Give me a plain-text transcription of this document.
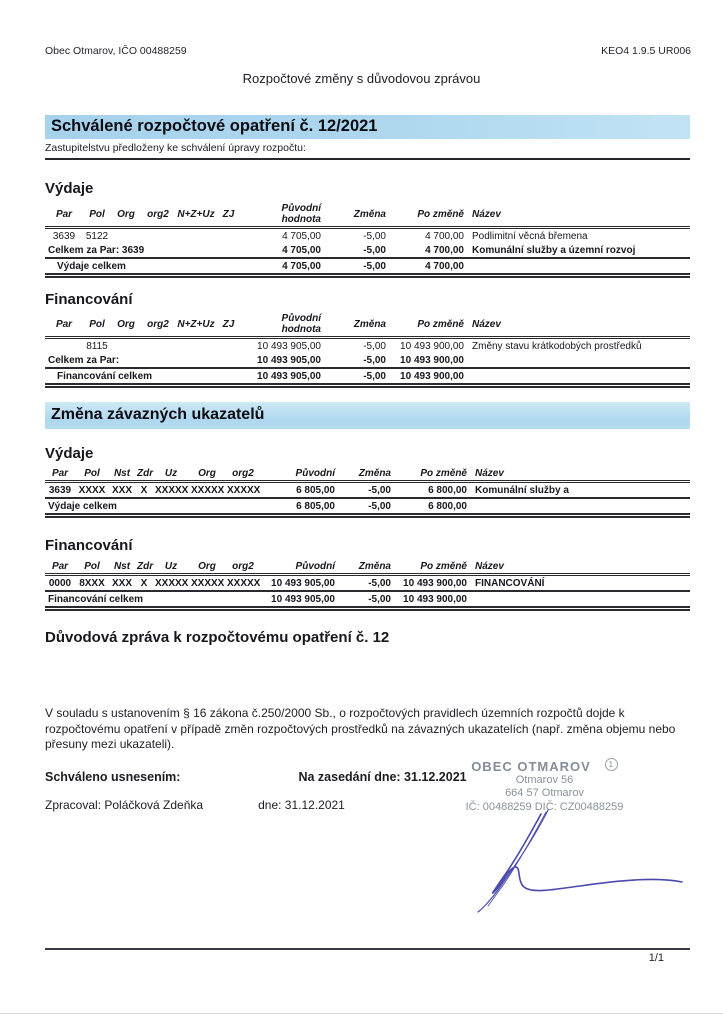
Obec Otmarov, IČO 00488259	KEO4 1.9.5 UR006
Rozpočtové změny s důvodovou zprávou
Schválené rozpočtové opatření č. 12/2021
Zastupitelstvu předloženy ke schválení úpravy rozpočtu:
Výdaje
Par	Pol	Org	org2	N+Z+Uz	ZJ	Původní hodnota	Změna	Po změně	Název
3639	5122					4 705,00	-5,00	4 700,00	Podlimitní věcná břemena
Celkem za Par: 3639						4 705,00	-5,00	4 700,00	Komunální služby a územní rozvoj
Výdaje celkem						4 705,00	-5,00	4 700,00	
Financování
Par	Pol	Org	org2	N+Z+Uz	ZJ	Původní hodnota	Změna	Po změně	Název
	8115					10 493 905,00	-5,00	10 493 900,00	Změny stavu krátkodobých prostředků
Celkem za Par:						10 493 905,00	-5,00	10 493 900,00	
Financování celkem						10 493 905,00	-5,00	10 493 900,00	
Změna závazných ukazatelů
Výdaje
Par	Pol	Nst	Zdr	Uz	Org	org2	Původní	Změna	Po změně	Název
3639	XXXX	XXX	X	XXXXX	XXXXX	XXXXX	6 805,00	-5,00	6 800,00	Komunální služby a
Výdaje celkem							6 805,00	-5,00	6 800,00	
Financování
Par	Pol	Nst	Zdr	Uz	Org	org2	Původní	Změna	Po změně	Název
0000	8XXX	XXX	X	XXXXX	XXXXX	XXXXX	10 493 905,00	-5,00	10 493 900,00	FINANCOVÁNÍ
Financování celkem							10 493 905,00	-5,00	10 493 900,00	
Důvodová zpráva k rozpočtovému opatření č. 12
V souladu s ustanovením § 16 zákona č.250/2000 Sb., o rozpočtových pravidlech územních rozpočtů dojde k rozpočtovému opatření v případě změn rozpočtových prostředků na závazných ukazatelích (např. změna objemu nebo přesuny mezi ukazateli).
Schváleno usnesením:	Na zasedání dne: 31.12.2021
Zpracoval: Poláčková Zdeňka	dne: 31.12.2021
OBEC OTMAROV 1
Otmarov 56
664 57 Otmarov
IČ: 00488259 DIČ: CZ00488259
1/1
